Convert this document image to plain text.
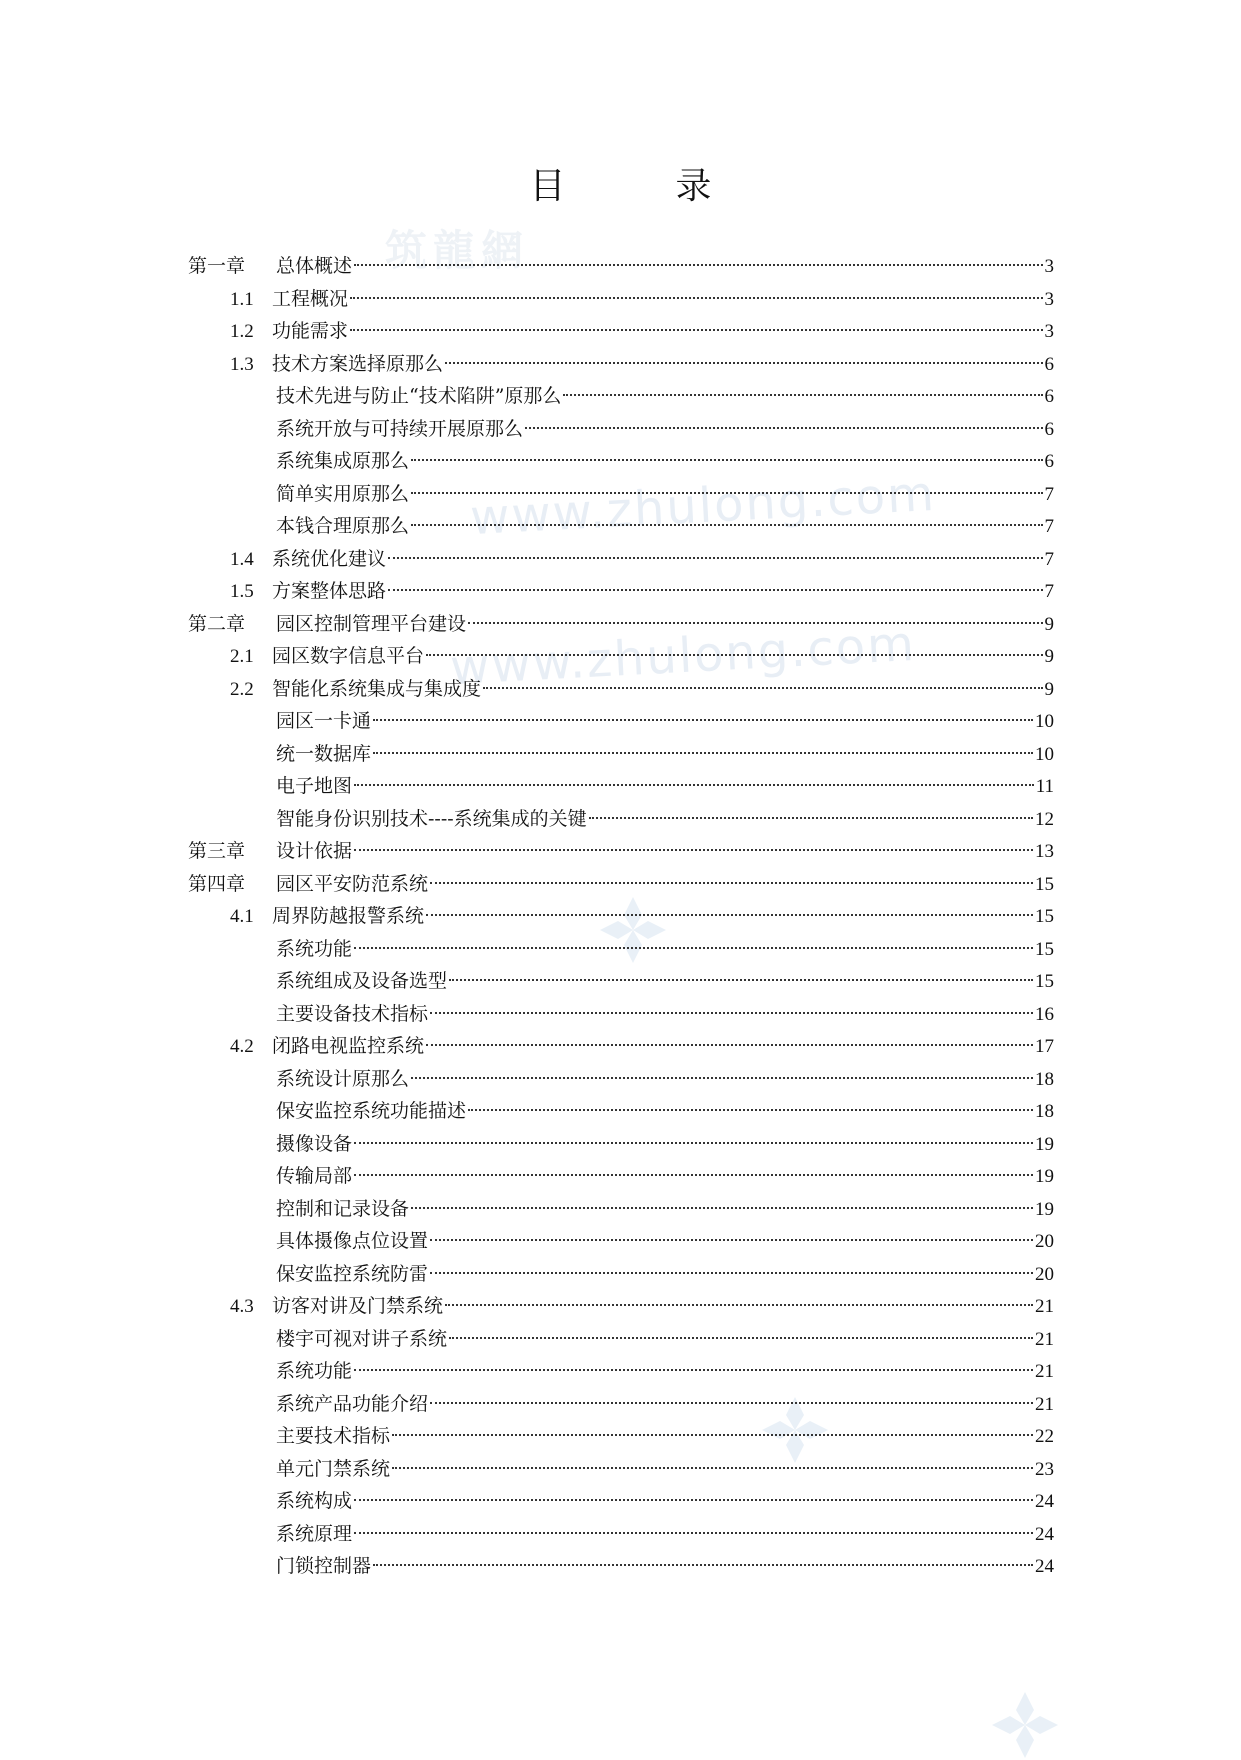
筑龍網
www.zhulong.com
www.zhulong.com
目	录
第一章	总体概述	3
1.1 工程概况	3
1.2 功能需求	3
1.3 技术方案选择原那么	6
技术先进与防止“技术陷阱”原那么	6
系统开放与可持续开展原那么	6
系统集成原那么	6
简单实用原那么	7
本钱合理原那么	7
1.4 系统优化建议	7
1.5 方案整体思路	7
第二章	园区控制管理平台建设	9
2.1 园区数字信息平台	9
2.2 智能化系统集成与集成度	9
园区一卡通	10
统一数据库	10
电子地图	11
智能身份识别技术----系统集成的关键	12
第三章	设计依据	13
第四章	园区平安防范系统	15
4.1 周界防越报警系统	15
系统功能	15
系统组成及设备选型	15
主要设备技术指标	16
4.2 闭路电视监控系统	17
系统设计原那么	18
保安监控系统功能描述	18
摄像设备	19
传输局部	19
控制和记录设备	19
具体摄像点位设置	20
保安监控系统防雷	20
4.3 访客对讲及门禁系统	21
楼宇可视对讲子系统	21
系统功能	21
系统产品功能介绍	21
主要技术指标	22
单元门禁系统	23
系统构成	24
系统原理	24
门锁控制器	24
